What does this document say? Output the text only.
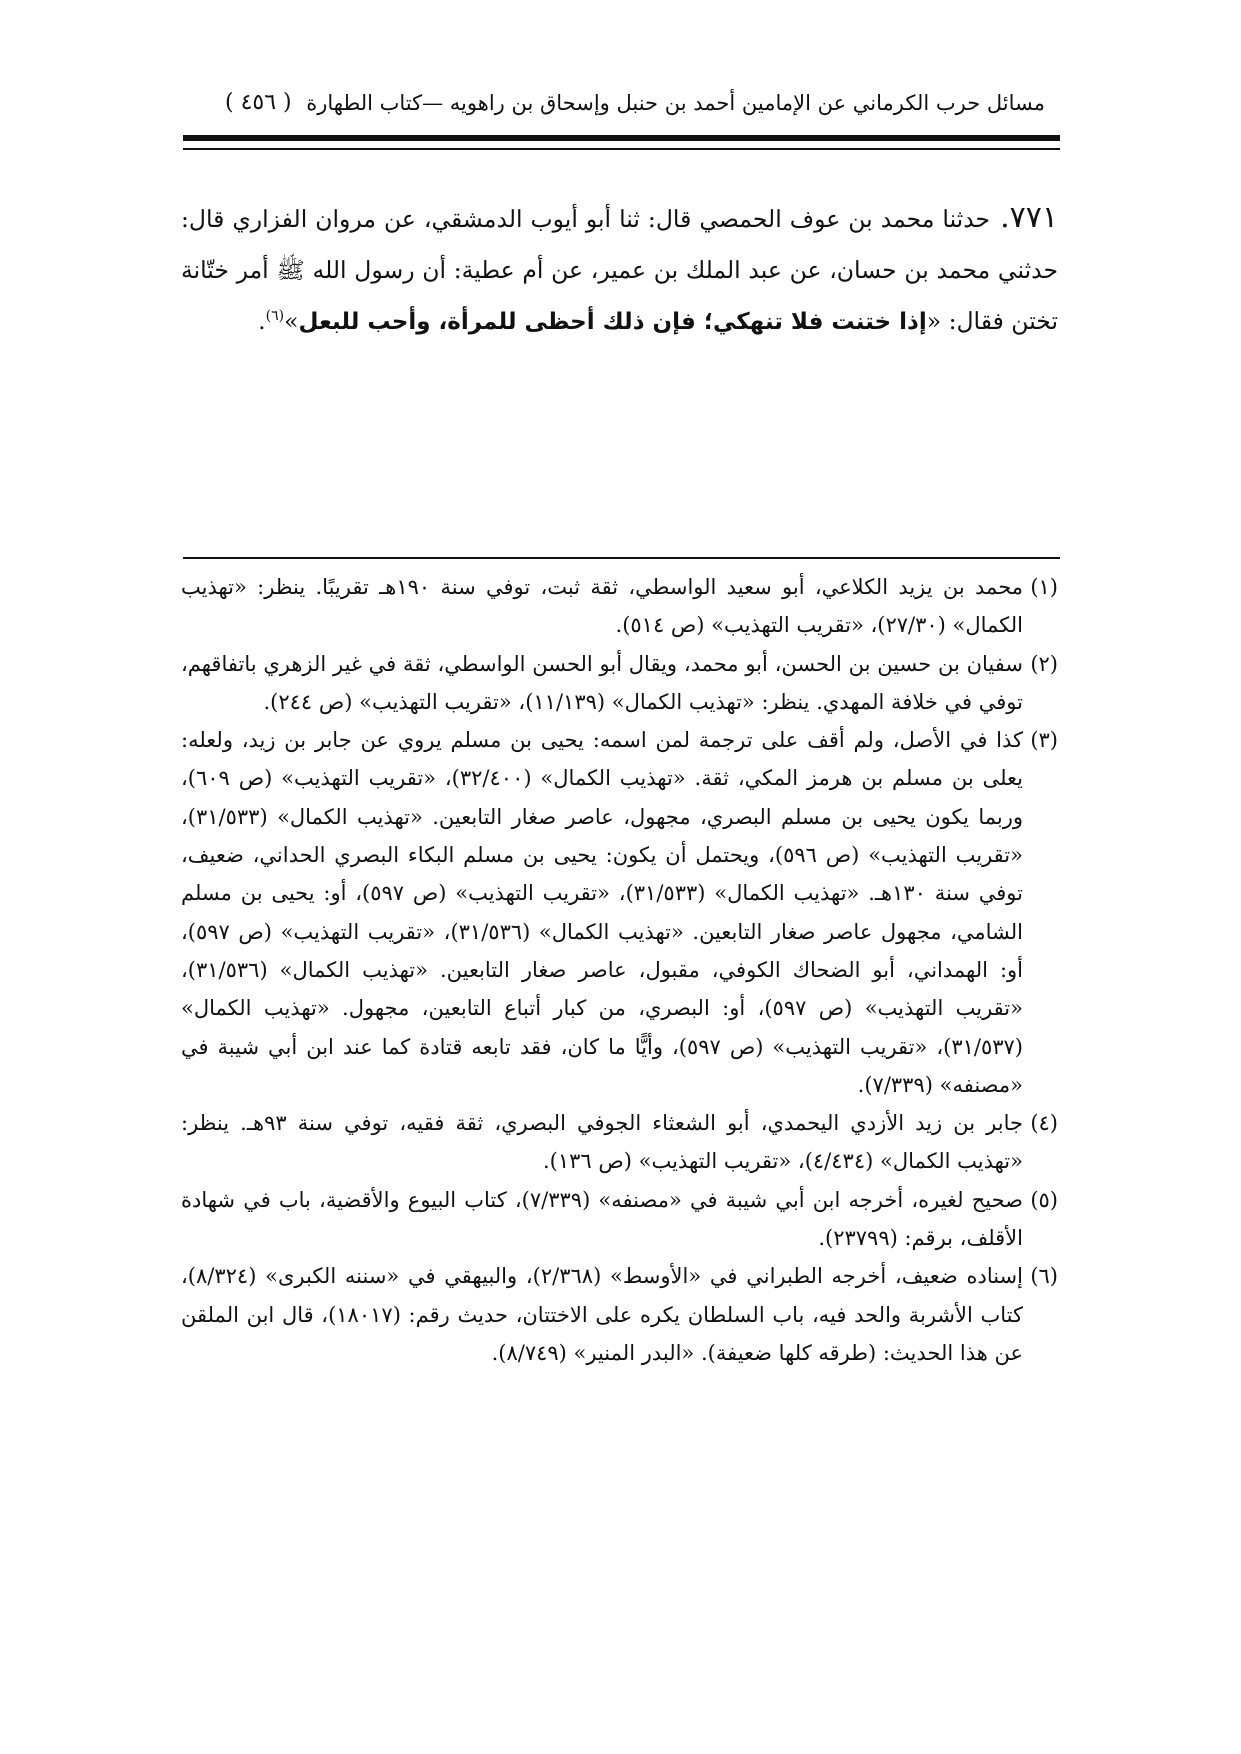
مسائل حرب الكرماني عن الإمامين أحمد بن حنبل وإسحاق بن راهويه —كتاب الطهارة
( ٤٥٦ )

٧٧١. حدثنا محمد بن عوف الحمصي قال: ثنا أبو أيوب الدمشقي، عن مروان الفزاري قال: حدثني محمد بن حسان، عن عبد الملك بن عمير، عن أم عطية: أن رسول الله ﷺ أمر ختّانة تختن فقال: «إذا ختنت فلا تنهكي؛ فإن ذلك أحظى للمرأة، وأحب للبعل»$^{(٦)}$.

(١)محمد بن يزيد الكلاعي، أبو سعيد الواسطي، ثقة ثبت، توفي سنة ١٩٠هـ تقريبًا. ينظر: «تهذيب الكمال» (٢٧/٣٠)، «تقريب التهذيب» (ص ٥١٤).

(٢)سفيان بن حسين بن الحسن، أبو محمد، ويقال أبو الحسن الواسطي، ثقة في غير الزهري باتفاقهم، توفي في خلافة المهدي. ينظر: «تهذيب الكمال» (١١/١٣٩)، «تقريب التهذيب» (ص ٢٤٤).

(٣)كذا في الأصل، ولم أقف على ترجمة لمن اسمه: يحيى بن مسلم يروي عن جابر بن زيد، ولعله: يعلى بن مسلم بن هرمز المكي، ثقة. «تهذيب الكمال» (٣٢/٤٠٠)، «تقريب التهذيب» (ص ٦٠٩)، وربما يكون يحيى بن مسلم البصري، مجهول، عاصر صغار التابعين. «تهذيب الكمال» (٣١/٥٣٣)، «تقريب التهذيب» (ص ٥٩٦)، ويحتمل أن يكون: يحيى بن مسلم البكاء البصري الحداني، ضعيف، توفي سنة ١٣٠هـ. «تهذيب الكمال» (٣١/٥٣٣)، «تقريب التهذيب» (ص ٥٩٧)، أو: يحيى بن مسلم الشامي، مجهول عاصر صغار التابعين. «تهذيب الكمال» (٣١/٥٣٦)، «تقريب التهذيب» (ص ٥٩٧)، أو: الهمداني، أبو الضحاك الكوفي، مقبول، عاصر صغار التابعين. «تهذيب الكمال» (٣١/٥٣٦)، «تقريب التهذيب» (ص ٥٩٧)، أو: البصري، من كبار أتباع التابعين، مجهول. «تهذيب الكمال» (٣١/٥٣٧)، «تقريب التهذيب» (ص ٥٩٧)، وأيًّا ما كان، فقد تابعه قتادة كما عند ابن أبي شيبة في «مصنفه» (٧/٣٣٩).

(٤)جابر بن زيد الأزدي اليحمدي، أبو الشعثاء الجوفي البصري، ثقة فقيه، توفي سنة ٩٣هـ. ينظر: «تهذيب الكمال» (٤/٤٣٤)، «تقريب التهذيب» (ص ١٣٦).

(٥)صحيح لغيره، أخرجه ابن أبي شيبة في «مصنفه» (٧/٣٣٩)، كتاب البيوع والأقضية، باب في شهادة الأقلف، برقم: (٢٣٧٩٩).

(٦)إسناده ضعيف، أخرجه الطبراني في «الأوسط» (٢/٣٦٨)، والبيهقي في «سننه الكبرى» (٨/٣٢٤)، كتاب الأشربة والحد فيه، باب السلطان يكره على الاختتان، حديث رقم: (١٨٠١٧)، قال ابن الملقن عن هذا الحديث: (طرقه كلها ضعيفة). «البدر المنير» (٨/٧٤٩).
